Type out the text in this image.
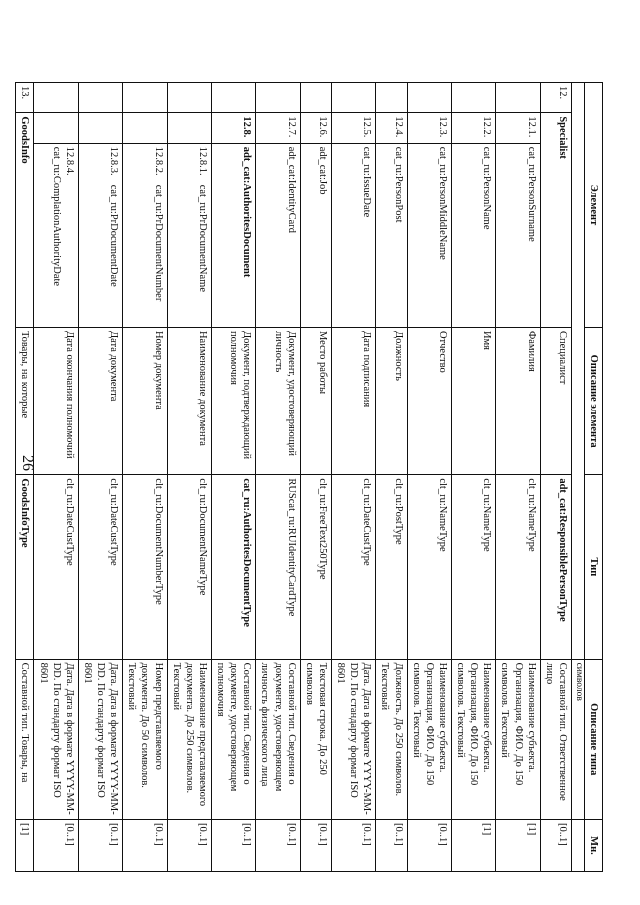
26
Элемент			Описание элемента	Тип	Описание типа	Мн.
					символов	
12.	Specialist		Специалист	adt_cat:ResponsiblePersonType	Составной тип. Ответственное лицо	[0..1]
	12.1.	cat_ru:PersonSurname	Фамилия	clt_ru:NameType	Наименование субъекта. Организация, ФИО. До 150 символов. Текстовый	[1]
	12.2.	cat_ru:PersonName	Имя	clt_ru:NameType	Наименование субъекта. Организация, ФИО. До 150 символов. Текстовый	[1]
	12.3.	cat_ru:PersonMiddleName	Отчество	clt_ru:NameType	Наименование субъекта. Организация, ФИО. До 150 символов. Текстовый	[0..1]
	12.4.	cat_ru:PersonPost	Должность	clt_ru:PostType	Должность. До 250 символов. Текстовый	[0..1]
	12.5.	cat_ru:IssueDate	Дата подписания	clt_ru:DateCustType	Дата. Дата в формате YYYY-MM-DD. По стандарту формат ISO 8601	[0..1]
	12.6.	adt_cat:Job	Место работы	clt_ru:FreeText250Type	Текстовая строка. До 250 символов	[0..1]
	12.7.	adt_cat:IdentityCard	Документ, удостоверяющий личность	RUScat_ru:RUIdentityCardType	Составной тип. Сведения о документе, удостоверяющем личность физического лица	[0..1]
	12.8.	adt_cat:AuthoritesDocument	Документ, подтверждающий полномочия	cat_ru:AuthoritesDocumentType	Составной тип. Сведения о документе, удостоверяющем полномочия	[0..1]
		12.8.1.cat_ru:PrDocumentName	Наименование документа	clt_ru:DocumentNameType	Наименование представляемого документа. До 250 символов. Текстовый	[0..1]
		12.8.2.cat_ru:PrDocumentNumber	Номер документа	clt_ru:DocumentNumberType	Номер представляемого документа. До 50 символов. Текстовый	[0..1]
		12.8.3.cat_ru:PrDocumentDate	Дата документа	clt_ru:DateCustType	Дата. Дата в формате YYYY-MM-DD. По стандарту формат ISO 8601	[0..1]
		12.8.4.cat_ru:ComplationAuthorityDate	Дата окончания полномочий	clt_ru:DateCustType	Дата. Дата в формате YYYY-MM-DD. По стандарту формат ISO 8601	[0..1]
13.	GoodsInfo		Товары, на которые	GoodsInfoType	Составной тип. Товары, на	[1]
